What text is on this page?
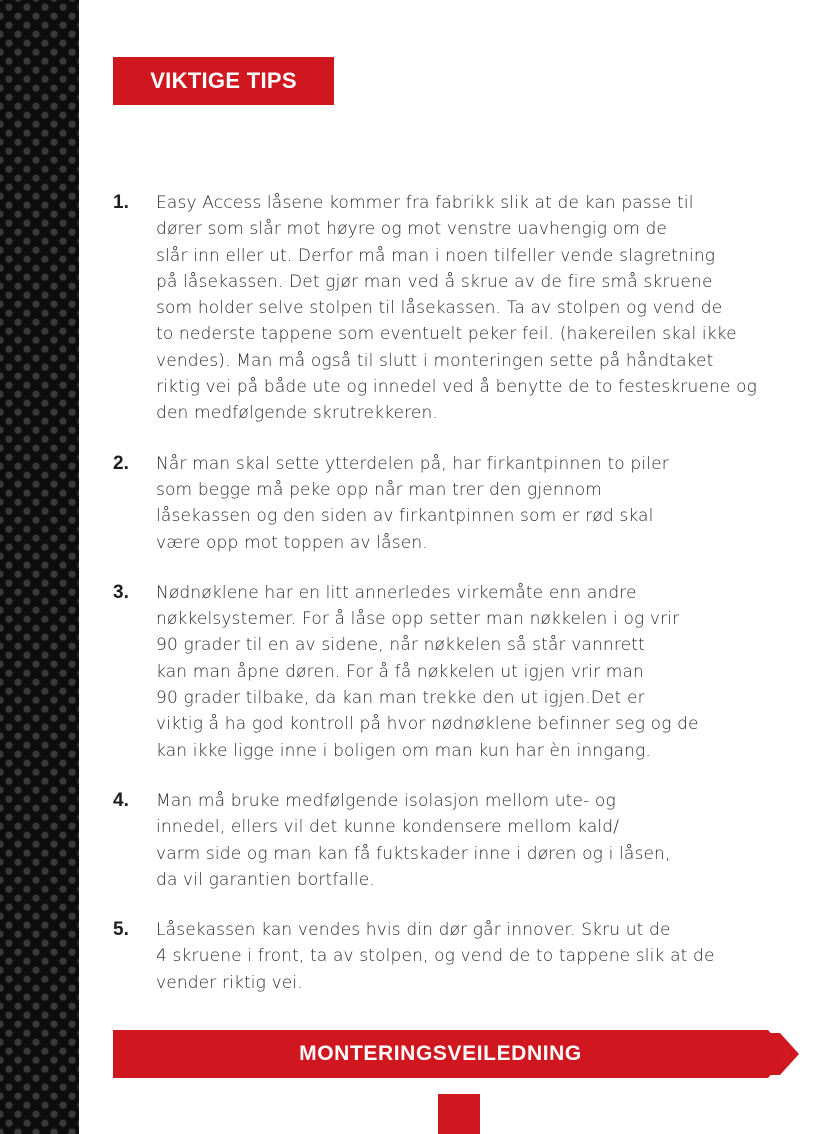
VIKTIGE TIPS
1. Easy Access låsene kommer fra fabrikk slik at de kan passe til
dører som slår mot høyre og mot venstre uavhengig om de
slår inn eller ut. Derfor må man i noen tilfeller vende slagretning
på låsekassen. Det gjør man ved å skrue av de fire små skruene
som holder selve stolpen til låsekassen. Ta av stolpen og vend de
to nederste tappene som eventuelt peker feil. (hakereilen skal ikke
vendes). Man må også til slutt i monteringen sette på håndtaket
riktig vei på både ute og innedel ved å benytte de to festeskruene og
den medfølgende skrutrekkeren.

2. Når man skal sette ytterdelen på, har firkantpinnen to piler
som begge må peke opp når man trer den gjennom
låsekassen og den siden av firkantpinnen som er rød skal
være opp mot toppen av låsen.

3. Nødnøklene har en litt annerledes virkemåte enn andre
nøkkelsystemer. For å låse opp setter man nøkkelen i og vrir
90 grader til en av sidene, når nøkkelen så står vannrett
kan man åpne døren. For å få nøkkelen ut igjen vrir man
90 grader tilbake, da kan man trekke den ut igjen.Det er
viktig å ha god kontroll på hvor nødnøklene befinner seg og de
kan ikke ligge inne i boligen om man kun har èn inngang.

4. Man må bruke medfølgende isolasjon mellom ute- og
innedel, ellers vil det kunne kondensere mellom kald/
varm side og man kan få fuktskader inne i døren og i låsen,
da vil garantien bortfalle.

5. Låsekassen kan vendes hvis din dør går innover. Skru ut de
4 skruene i front, ta av stolpen, og vend de to tappene slik at de
vender riktig vei.

MONTERINGSVEILEDNING
